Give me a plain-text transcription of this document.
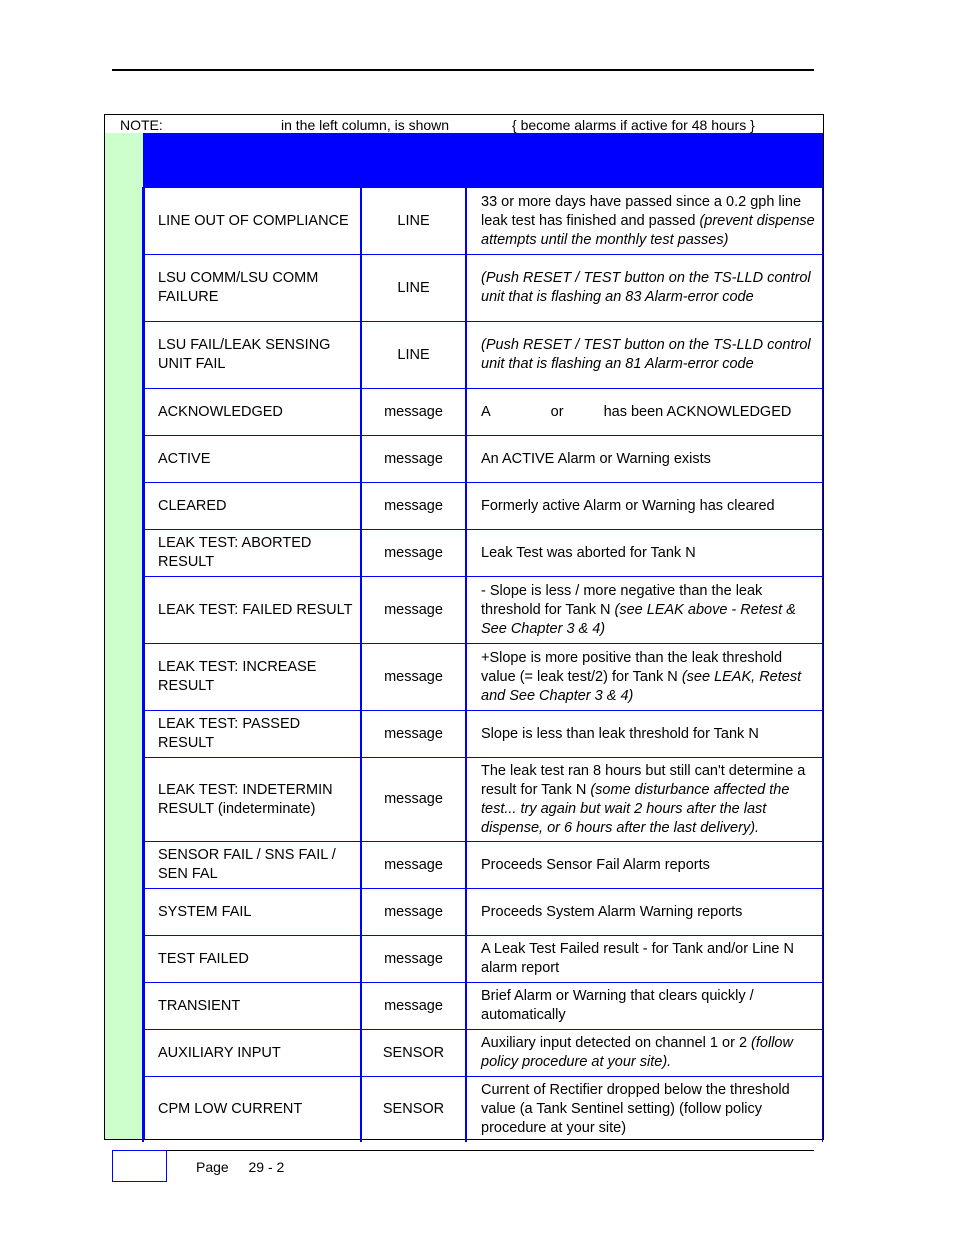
NOTE:	in the left column, is shown	{ become alarms if active for 48 hours }
LINE OUT OF COMPLIANCE	LINE	33 or more days have passed since a 0.2 gph line leak test has finished and passed (prevent dispense attempts until the monthly test passes)
LSU COMM/LSU COMM FAILURE	LINE	(Push RESET / TEST button on the TS-LLD control unit that is flashing an 83 Alarm-error code
LSU FAIL/LEAK SENSING UNIT FAIL	LINE	(Push RESET / TEST button on the TS-LLD control unit that is flashing an 81 Alarm-error code
ACKNOWLEDGED	message	A or has been ACKNOWLEDGED
ACTIVE	message	An ACTIVE Alarm or Warning exists
CLEARED	message	Formerly active Alarm or Warning has cleared
LEAK TEST: ABORTED RESULT	message	Leak Test was aborted for Tank N
LEAK TEST: FAILED RESULT	message	- Slope is less / more negative than the leak threshold for Tank N (see LEAK above - Retest & See Chapter 3 & 4)
LEAK TEST: INCREASE RESULT	message	+Slope is more positive than the leak threshold value (= leak test/2) for Tank N (see LEAK, Retest and See Chapter 3 & 4)
LEAK TEST: PASSED RESULT	message	Slope is less than leak threshold for Tank N
LEAK TEST: INDETERMIN RESULT (indeterminate)	message	The leak test ran 8 hours but still can't determine a result for Tank N (some disturbance affected the test... try again but wait 2 hours after the last dispense, or 6 hours after the last delivery).
SENSOR FAIL / SNS FAIL / SEN FAL	message	Proceeds Sensor Fail Alarm reports
SYSTEM FAIL	message	Proceeds System Alarm Warning reports
TEST FAILED	message	A Leak Test Failed result - for Tank and/or Line N alarm report
TRANSIENT	message	Brief Alarm or Warning that clears quickly / automatically
AUXILIARY INPUT	SENSOR	Auxiliary input detected on channel 1 or 2 (follow policy procedure at your site).
CPM LOW CURRENT	SENSOR	Current of Rectifier dropped below the threshold value (a Tank Sentinel setting) (follow policy procedure at your site)
Page 29 - 2
